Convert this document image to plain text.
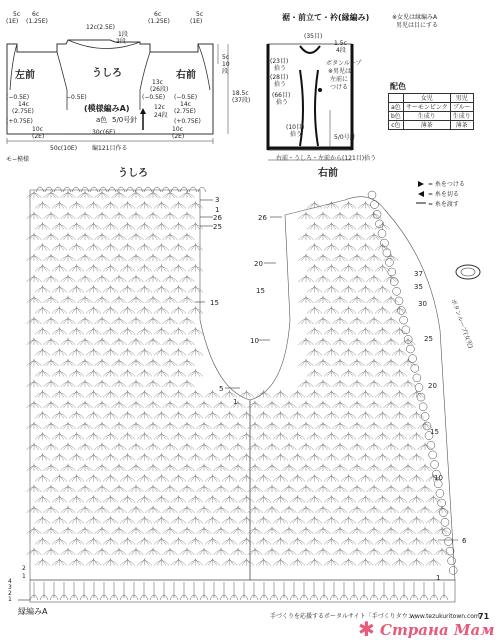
5c
(1E)
6c
(1.25E)
12c(2.5E)
1段
2段
6c
(1.25E)
5c
(1E)
左前	うしろ	右前
(模様編みA)
a色 5/0号針
(−0.5E)
14c
(2.75E)
(+0.75E)
10c
(2E)
−0.5E)	(−0.5E)
14c
(2.75E)
(+0.75E)
10c
(2E)
(−0.5E)
5c
10
段
13c
(26段)
12c
24段
18.5c
(37段)
30c(6E)
50c(10E) 編121目作る
モ−模様
裾・前立て・衿(縁編み)	※女児は縁編みA
男児は目にする
(35目)
1.5c
4段
(23目)
拾う
(28目)
拾う
(66目)
拾う
(10目)
拾う
ボタンループ
※男児は
左前に
つける
5/0号針
右前・うしろ・左前から(121目)拾う
配色
	女児	男児
a色	サーモンピンク	ブルー
b色	生成り	生成り
c色	薄茶	薄茶
うしろ	右前
3
1
26
25
15
26
20
15
10
5
1
37
35
30
25
20
15
10
6
1
= 糸をつける
= 糸を切る
= 糸を渡す
ボタンループ(女児)
縁編みA
4
3
2
1
2
1
手づくりを応援するポータルサイト「手づくりタウン」
www.tezukuritown.com
71
✱ Страна Мам
